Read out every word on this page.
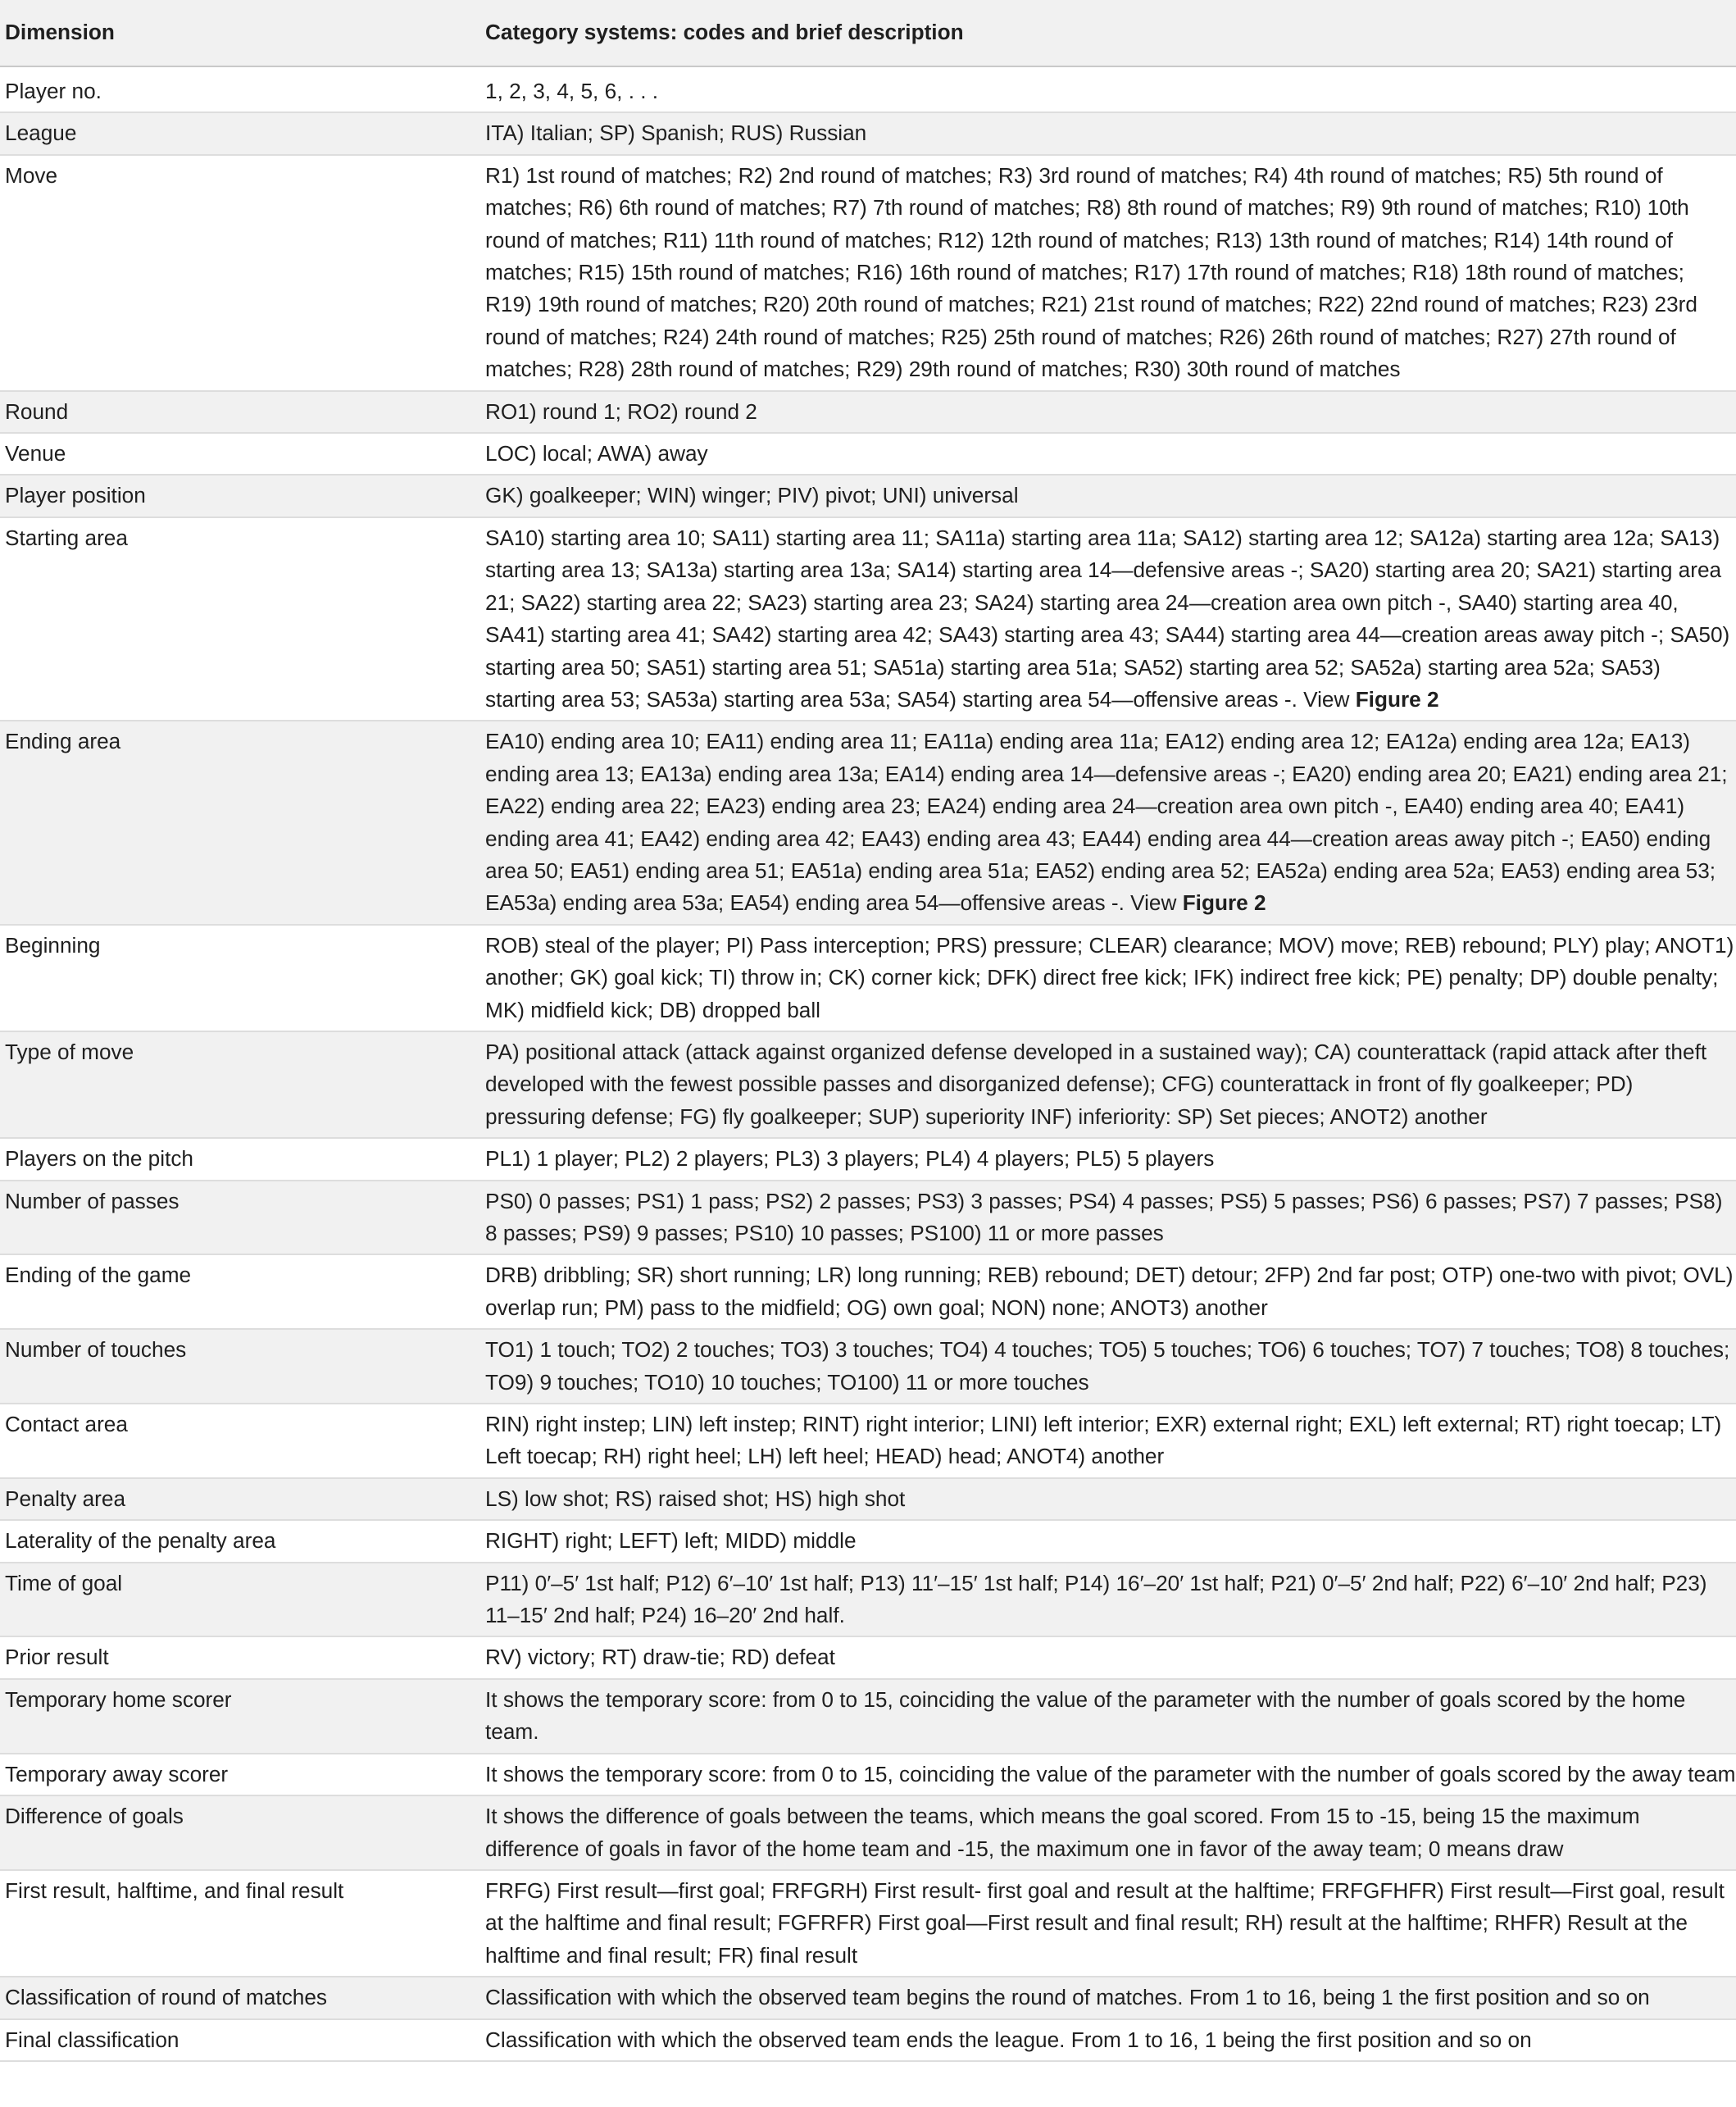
Dimension	Category systems: codes and brief description
Player no.	1, 2, 3, 4, 5, 6, . . .
League	ITA) Italian; SP) Spanish; RUS) Russian
Move	R1) 1st round of matches; R2) 2nd round of matches; R3) 3rd round of matches; R4) 4th round of matches; R5) 5th round of matches; R6) 6th round of matches; R7) 7th round of matches; R8) 8th round of matches; R9) 9th round of matches; R10) 10th round of matches; R11) 11th round of matches; R12) 12th round of matches; R13) 13th round of matches; R14) 14th round of matches; R15) 15th round of matches; R16) 16th round of matches; R17) 17th round of matches; R18) 18th round of matches; R19) 19th round of matches; R20) 20th round of matches; R21) 21st round of matches; R22) 22nd round of matches; R23) 23rd round of matches; R24) 24th round of matches; R25) 25th round of matches; R26) 26th round of matches; R27) 27th round of matches; R28) 28th round of matches; R29) 29th round of matches; R30) 30th round of matches
Round	RO1) round 1; RO2) round 2
Venue	LOC) local; AWA) away
Player position	GK) goalkeeper; WIN) winger; PIV) pivot; UNI) universal
Starting area	SA10) starting area 10; SA11) starting area 11; SA11a) starting area 11a; SA12) starting area 12; SA12a) starting area 12a; SA13) starting area 13; SA13a) starting area 13a; SA14) starting area 14—defensive areas -; SA20) starting area 20; SA21) starting area 21; SA22) starting area 22; SA23) starting area 23; SA24) starting area 24—creation area own pitch -, SA40) starting area 40, SA41) starting area 41; SA42) starting area 42; SA43) starting area 43; SA44) starting area 44—creation areas away pitch -; SA50) starting area 50; SA51) starting area 51; SA51a) starting area 51a; SA52) starting area 52; SA52a) starting area 52a; SA53) starting area 53; SA53a) starting area 53a; SA54) starting area 54—offensive areas -. View Figure 2
Ending area	EA10) ending area 10; EA11) ending area 11; EA11a) ending area 11a; EA12) ending area 12; EA12a) ending area 12a; EA13) ending area 13; EA13a) ending area 13a; EA14) ending area 14—defensive areas -; EA20) ending area 20; EA21) ending area 21; EA22) ending area 22; EA23) ending area 23; EA24) ending area 24—creation area own pitch -, EA40) ending area 40; EA41) ending area 41; EA42) ending area 42; EA43) ending area 43; EA44) ending area 44—creation areas away pitch -; EA50) ending area 50; EA51) ending area 51; EA51a) ending area 51a; EA52) ending area 52; EA52a) ending area 52a; EA53) ending area 53; EA53a) ending area 53a; EA54) ending area 54—offensive areas -. View Figure 2
Beginning	ROB) steal of the player; PI) Pass interception; PRS) pressure; CLEAR) clearance; MOV) move; REB) rebound; PLY) play; ANOT1) another; GK) goal kick; TI) throw in; CK) corner kick; DFK) direct free kick; IFK) indirect free kick; PE) penalty; DP) double penalty; MK) midfield kick; DB) dropped ball
Type of move	PA) positional attack (attack against organized defense developed in a sustained way); CA) counterattack (rapid attack after theft developed with the fewest possible passes and disorganized defense); CFG) counterattack in front of fly goalkeeper; PD) pressuring defense; FG) fly goalkeeper; SUP) superiority INF) inferiority: SP) Set pieces; ANOT2) another
Players on the pitch	PL1) 1 player; PL2) 2 players; PL3) 3 players; PL4) 4 players; PL5) 5 players
Number of passes	PS0) 0 passes; PS1) 1 pass; PS2) 2 passes; PS3) 3 passes; PS4) 4 passes; PS5) 5 passes; PS6) 6 passes; PS7) 7 passes; PS8) 8 passes; PS9) 9 passes; PS10) 10 passes; PS100) 11 or more passes
Ending of the game	DRB) dribbling; SR) short running; LR) long running; REB) rebound; DET) detour; 2FP) 2nd far post; OTP) one-two with pivot; OVL) overlap run; PM) pass to the midfield; OG) own goal; NON) none; ANOT3) another
Number of touches	TO1) 1 touch; TO2) 2 touches; TO3) 3 touches; TO4) 4 touches; TO5) 5 touches; TO6) 6 touches; TO7) 7 touches; TO8) 8 touches; TO9) 9 touches; TO10) 10 touches; TO100) 11 or more touches
Contact area	RIN) right instep; LIN) left instep; RINT) right interior; LINI) left interior; EXR) external right; EXL) left external; RT) right toecap; LT) Left toecap; RH) right heel; LH) left heel; HEAD) head; ANOT4) another
Penalty area	LS) low shot; RS) raised shot; HS) high shot
Laterality of the penalty area	RIGHT) right; LEFT) left; MIDD) middle
Time of goal	P11) 0′–5′ 1st half; P12) 6′–10′ 1st half; P13) 11′–15′ 1st half; P14) 16′–20′ 1st half; P21) 0′–5′ 2nd half; P22) 6′–10′ 2nd half; P23) 11–15′ 2nd half; P24) 16–20′ 2nd half.
Prior result	RV) victory; RT) draw-tie; RD) defeat
Temporary home scorer	It shows the temporary score: from 0 to 15, coinciding the value of the parameter with the number of goals scored by the home team.
Temporary away scorer	It shows the temporary score: from 0 to 15, coinciding the value of the parameter with the number of goals scored by the away team
Difference of goals	It shows the difference of goals between the teams, which means the goal scored. From 15 to -15, being 15 the maximum difference of goals in favor of the home team and -15, the maximum one in favor of the away team; 0 means draw
First result, halftime, and final result	FRFG) First result—first goal; FRFGRH) First result- first goal and result at the halftime; FRFGFHFR) First result—First goal, result at the halftime and final result; FGFRFR) First goal—First result and final result; RH) result at the halftime; RHFR) Result at the halftime and final result; FR) final result
Classification of round of matches	Classification with which the observed team begins the round of matches. From 1 to 16, being 1 the first position and so on
Final classification	Classification with which the observed team ends the league. From 1 to 16, 1 being the first position and so on
